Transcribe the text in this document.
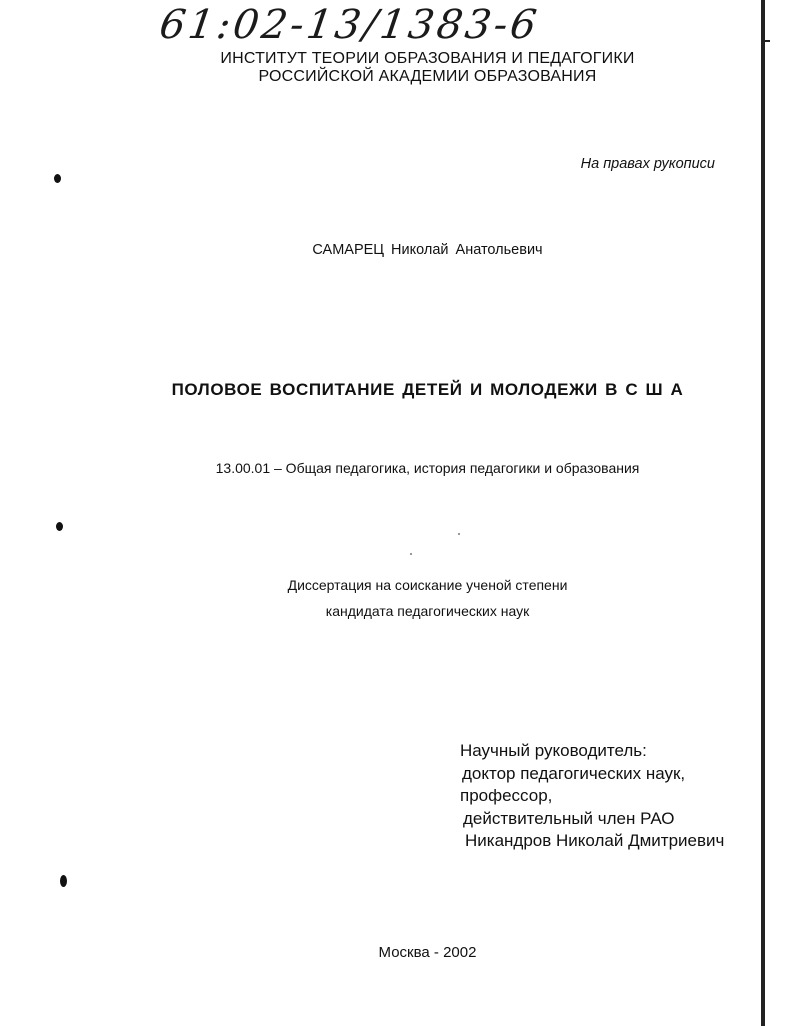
61:02-13/1383-6
ИНСТИТУТ ТЕОРИИ ОБРАЗОВАНИЯ И ПЕДАГОГИКИ
РОССИЙСКОЙ АКАДЕМИИ ОБРАЗОВАНИЯ
На правах рукописи
САМАРЕЦ Николай Анатольевич
ПОЛОВОЕ ВОСПИТАНИЕ ДЕТЕЙ И МОЛОДЕЖИ В С Ш А
13.00.01 – Общая педагогика, история педагогики и образования
Диссертация на соискание ученой степени
кандидата педагогических наук
Научный руководитель:
доктор педагогических наук,
профессор,
действительный член РАО
Никандров Николай Дмитриевич
Москва - 2002
